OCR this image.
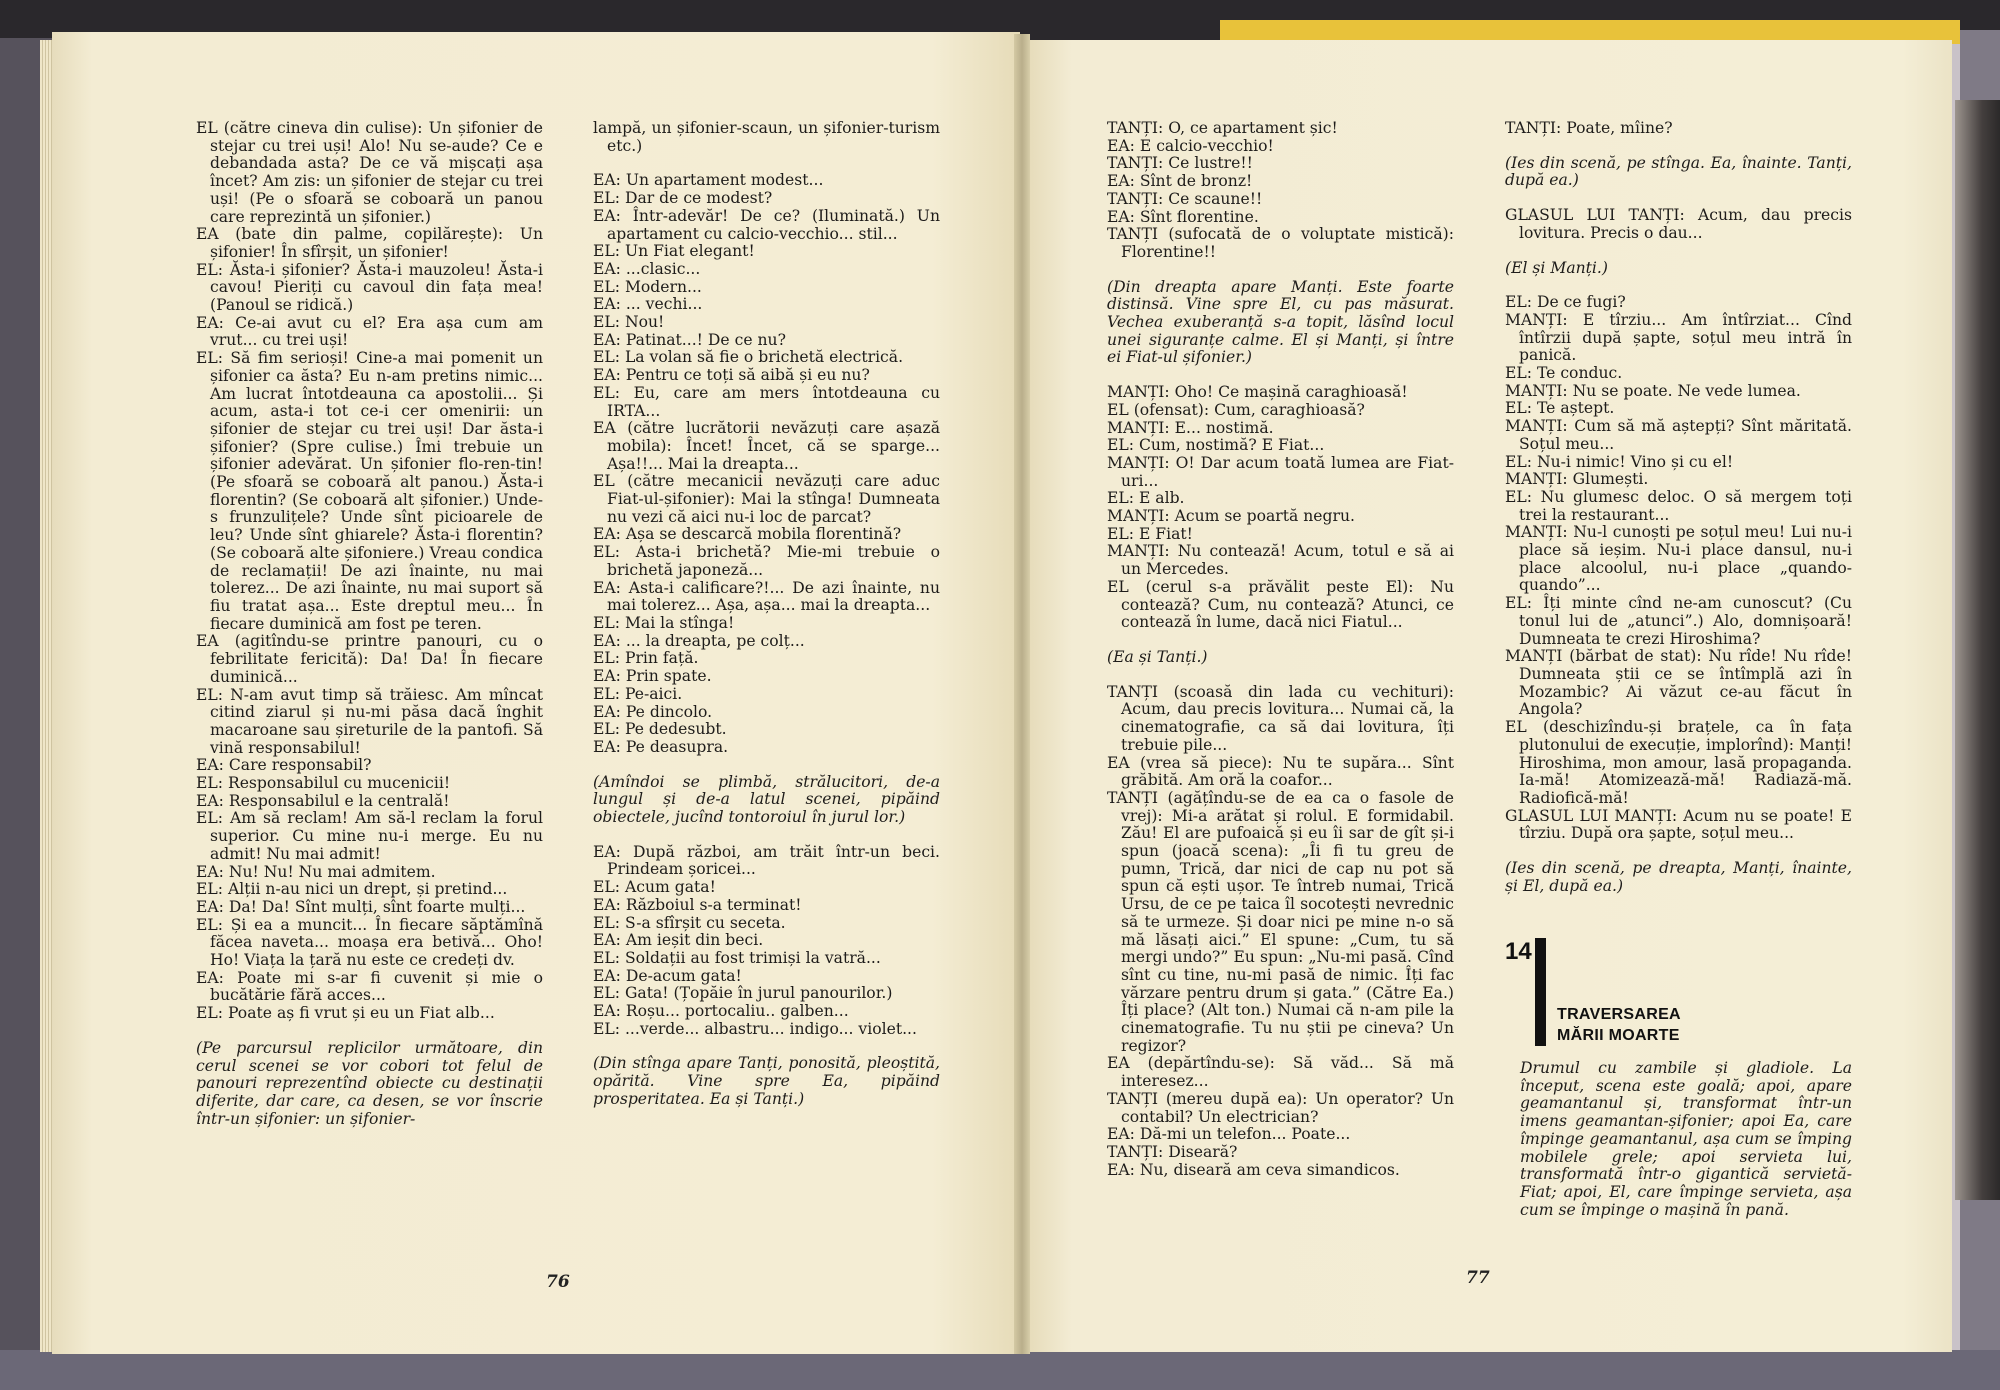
EL (către cineva din culise): Un șifonier de stejar cu trei uși! Alo! Nu se-aude? Ce e debandada asta? De ce vă mișcați așa încet? Am zis: un șifonier de stejar cu trei uși! (Pe o sfoară se coboară un panou care reprezintă un șifonier.)

EA (bate din palme, copilărește): Un șifonier! În sfîrșit, un șifonier!

EL: Ăsta-i șifonier? Ăsta-i mauzoleu! Ăsta-i cavou! Pieriți cu cavoul din fața mea! (Panoul se ridică.)

EA: Ce-ai avut cu el? Era așa cum am vrut... cu trei uși!

EL: Să fim serioși! Cine-a mai pomenit un șifonier ca ăsta? Eu n-am pretins nimic... Am lucrat întotdeauna ca apostolii... Și acum, asta-i tot ce-i cer omenirii: un șifonier de stejar cu trei uși! Dar ăsta-i șifonier? (Spre culise.) Îmi trebuie un șifonier adevărat. Un șifonier flo-ren-tin! (Pe sfoară se coboară alt panou.) Ăsta-i florentin? (Se coboară alt șifonier.) Unde-s frunzulițele? Unde sînt picioarele de leu? Unde sînt ghiarele? Ăsta-i florentin? (Se coboară alte șifoniere.) Vreau condica de reclamații! De azi înainte, nu mai tolerez... De azi înainte, nu mai suport să fiu tratat așa... Este dreptul meu... În fiecare duminică am fost pe teren.

EA (agitîndu-se printre panouri, cu o febrilitate fericită): Da! Da! În fiecare duminică...

EL: N-am avut timp să trăiesc. Am mîncat citind ziarul și nu-mi păsa dacă înghit macaroane sau șireturile de la pantofi. Să vină responsabilul!

EA: Care responsabil?

EL: Responsabilul cu mucenicii!

EA: Responsabilul e la centrală!

EL: Am să reclam! Am să-l reclam la forul superior. Cu mine nu-i merge. Eu nu admit! Nu mai admit!

EA: Nu! Nu! Nu mai admitem.

EL: Alții n-au nici un drept, și pretind...

EA: Da! Da! Sînt mulți, sînt foarte mulți...

EL: Și ea a muncit... În fiecare săptămînă făcea naveta... moașa era betivă... Oho! Ho! Viața la țară nu este ce credeți dv.

EA: Poate mi s-ar fi cuvenit și mie o bucătărie fără acces...

EL: Poate aș fi vrut și eu un Fiat alb...

(Pe parcursul replicilor următoare, din cerul scenei se vor cobori tot felul de panouri reprezentînd obiecte cu destinații diferite, dar care, ca desen, se vor înscrie într-un șifonier: un șifonier-

lampă, un șifonier-scaun, un șifonier-turism etc.)

EA: Un apartament modest...

EL: Dar de ce modest?

EA: Într-adevăr! De ce? (Iluminată.) Un apartament cu calcio-vecchio... stil...

EL: Un Fiat elegant!

EA: ...clasic...

EL: Modern...

EA: ... vechi...

EL: Nou!

EA: Patinat...! De ce nu?

EL: La volan să fie o brichetă electrică.

EA: Pentru ce toți să aibă și eu nu?

EL: Eu, care am mers întotdeauna cu IRTA...

EA (către lucrătorii nevăzuți care așază mobila): Încet! Încet, că se sparge... Așa!!... Mai la dreapta...

EL (către mecanicii nevăzuți care aduc Fiat-ul-șifonier): Mai la stînga! Dumneata nu vezi că aici nu-i loc de parcat?

EA: Așa se descarcă mobila florentină?

EL: Asta-i brichetă? Mie-mi trebuie o brichetă japoneză...

EA: Asta-i calificare?!... De azi înainte, nu mai tolerez... Așa, așa... mai la dreapta...

EL: Mai la stînga!

EA: ... la dreapta, pe colț...

EL: Prin față.

EA: Prin spate.

EL: Pe-aici.

EA: Pe dincolo.

EL: Pe dedesubt.

EA: Pe deasupra.

(Amîndoi se plimbă, strălucitori, de-a lungul și de-a latul scenei, pipăind obiectele, jucînd tontoroiul în jurul lor.)

EA: După război, am trăit într-un beci. Prindeam șoricei...

EL: Acum gata!

EA: Războiul s-a terminat!

EL: S-a sfîrșit cu seceta.

EA: Am ieșit din beci.

EL: Soldații au fost trimiși la vatră...

EA: De-acum gata!

EL: Gata! (Țopăie în jurul panourilor.)

EA: Roșu... portocaliu.. galben...

EL: ...verde... albastru... indigo... violet...

(Din stînga apare Tanți, ponosită, pleoștită, opărită. Vine spre Ea, pipăind prosperitatea. Ea și Tanți.)

76

TANȚI: O, ce apartament șic!

EA: E calcio-vecchio!

TANȚI: Ce lustre!!

EA: Sînt de bronz!

TANȚI: Ce scaune!!

EA: Sînt florentine.

TANȚI (sufocată de o voluptate mistică): Florentine!!

(Din dreapta apare Manți. Este foarte distinsă. Vine spre El, cu pas măsurat. Vechea exuberanță s-a topit, lăsînd locul unei siguranțe calme. El și Manți, și între ei Fiat-ul șifonier.)

MANȚI: Oho! Ce mașină caraghioasă!

EL (ofensat): Cum, caraghioasă?

MANȚI: E... nostimă.

EL: Cum, nostimă? E Fiat...

MANȚI: O! Dar acum toată lumea are Fiat-uri...

EL: E alb.

MANȚI: Acum se poartă negru.

EL: E Fiat!

MANȚI: Nu contează! Acum, totul e să ai un Mercedes.

EL (cerul s-a prăvălit peste El): Nu contează? Cum, nu contează? Atunci, ce contează în lume, dacă nici Fiatul...

(Ea și Tanți.)

TANȚI (scoasă din lada cu vechituri): Acum, dau precis lovitura... Numai că, la cinematografie, ca să dai lovitura, îți trebuie pile...

EA (vrea să piece): Nu te supăra... Sînt grăbită. Am oră la coafor...

TANȚI (agățîndu-se de ea ca o fasole de vrej): Mi-a arătat și rolul. E formidabil. Zău! El are pufoaică și eu îi sar de gît și-i spun (joacă scena): „Îi fi tu greu de pumn, Trică, dar nici de cap nu pot să spun că ești ușor. Te întreb numai, Trică Ursu, de ce pe taica îl socotești nevrednic să te urmeze. Și doar nici pe mine n-o să mă lăsați aici.” El spune: „Cum, tu să mergi undo?” Eu spun: „Nu-mi pasă. Cînd sînt cu tine, nu-mi pasă de nimic. Îți fac vărzare pentru drum și gata.” (Către Ea.) Îți place? (Alt ton.) Numai că n-am pile la cinematografie. Tu nu știi pe cineva? Un regizor?

EA (depărtîndu-se): Să văd... Să mă interesez...

TANȚI (mereu după ea): Un operator? Un contabil? Un electrician?

EA: Dă-mi un telefon... Poate...

TANȚI: Diseară?

EA: Nu, diseară am ceva simandicos.

TANȚI: Poate, mîine?

(Ies din scenă, pe stînga. Ea, înainte. Tanți, după ea.)

GLASUL LUI TANȚI: Acum, dau precis lovitura. Precis o dau...

(El și Manți.)

EL: De ce fugi?

MANȚI: E tîrziu... Am întîrziat... Cînd întîrzii după șapte, soțul meu intră în panică.

EL: Te conduc.

MANȚI: Nu se poate. Ne vede lumea.

EL: Te aștept.

MANȚI: Cum să mă aștepți? Sînt măritată. Soțul meu...

EL: Nu-i nimic! Vino și cu el!

MANȚI: Glumești.

EL: Nu glumesc deloc. O să mergem toți trei la restaurant...

MANȚI: Nu-l cunoști pe soțul meu! Lui nu-i place să ieșim. Nu-i place dansul, nu-i place alcoolul, nu-i place „quando-quando”...

EL: Îți minte cînd ne-am cunoscut? (Cu tonul lui de „atunci”.) Alo, domnișoară! Dumneata te crezi Hiroshima?

MANȚI (bărbat de stat): Nu rîde! Nu rîde! Dumneata știi ce se întîmplă azi în Mozambic? Ai văzut ce-au făcut în Angola?

EL (deschizîndu-și brațele, ca în fața plutonului de execuție, implorînd): Manți! Hiroshima, mon amour, lasă propaganda. Ia-mă! Atomizează-mă! Radiază-mă. Radiofică-mă!

GLASUL LUI MANȚI: Acum nu se poate! E tîrziu. După ora șapte, soțul meu...

(Ies din scenă, pe dreapta, Manți, înainte, și El, după ea.)

14
TRAVERSAREA
MĂRII MOARTE
Drumul cu zambile și gladiole. La început, scena este goală; apoi, apare geamantanul și, transformat într-un imens geamantan-șifonier; apoi Ea, care împinge geamantanul, așa cum se împing mobilele grele; apoi servieta lui, transformată într-o gigantică servietă-Fiat; apoi, El, care împinge servieta, așa cum se împinge o mașină în pană.
77
